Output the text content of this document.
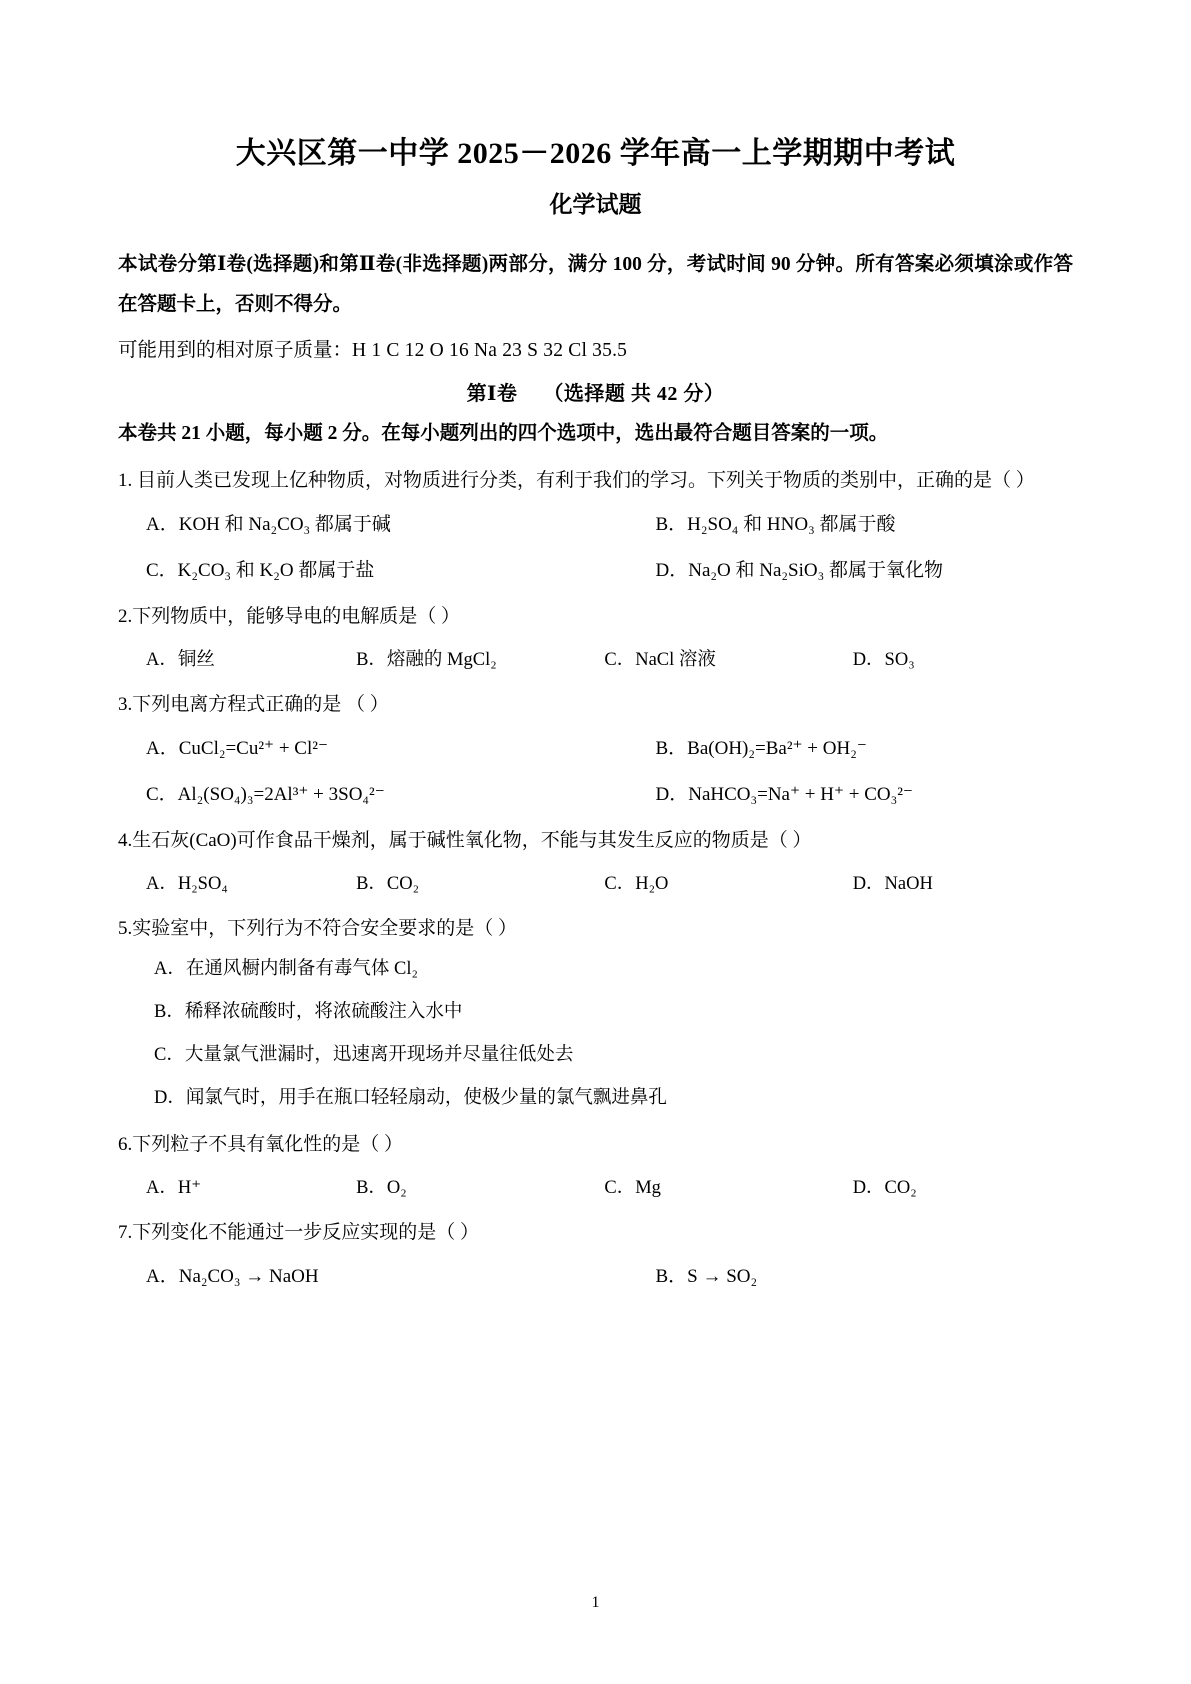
大兴区第一中学 2025－2026 学年高一上学期期中考试
化学试题
本试卷分第Ⅰ卷(选择题)和第Ⅱ卷(非选择题)两部分，满分 100 分，考试时间 90 分钟。所有答案必须填涂或作答在答题卡上，否则不得分。
可能用到的相对原子质量：H 1 C 12 O 16 Na 23 S 32 Cl 35.5
第Ⅰ卷 （选择题 共 42 分）
本卷共 21 小题，每小题 2 分。在每小题列出的四个选项中，选出最符合题目答案的一项。
1. 目前人类已发现上亿种物质，对物质进行分类，有利于我们的学习。下列关于物质的类别中，正确的是（ ）
A．KOH 和 Na₂CO₃ 都属于碱	B．H₂SO₄ 和 HNO₃ 都属于酸
C．K₂CO₃ 和 K₂O 都属于盐	D．Na₂O 和 Na₂SiO₃ 都属于氧化物
2.下列物质中，能够导电的电解质是（ ）
A．铜丝	B．熔融的 MgCl₂	C．NaCl 溶液	D．SO₃
3.下列电离方程式正确的是 （ ）
A．CuCl₂=Cu²⁺ + Cl²⁻	B．Ba(OH)₂=Ba²⁺ + OH₂⁻
C．Al₂(SO₄)₃=2Al³⁺ + 3SO₄²⁻	D．NaHCO₃=Na⁺ + H⁺ + CO₃²⁻
4.生石灰(CaO)可作食品干燥剂，属于碱性氧化物，不能与其发生反应的物质是（ ）
A．H₂SO₄	B．CO₂	C．H₂O	D．NaOH
5.实验室中，下列行为不符合安全要求的是（ ）
A．在通风橱内制备有毒气体 Cl₂
B．稀释浓硫酸时，将浓硫酸注入水中
C．大量氯气泄漏时，迅速离开现场并尽量往低处去
D．闻氯气时，用手在瓶口轻轻扇动，使极少量的氯气飘进鼻孔
6.下列粒子不具有氧化性的是（ ）
A．H⁺	B．O₂	C．Mg	D．CO₂
7.下列变化不能通过一步反应实现的是（ ）
A．Na₂CO₃ → NaOH	B．S → SO₂
1
